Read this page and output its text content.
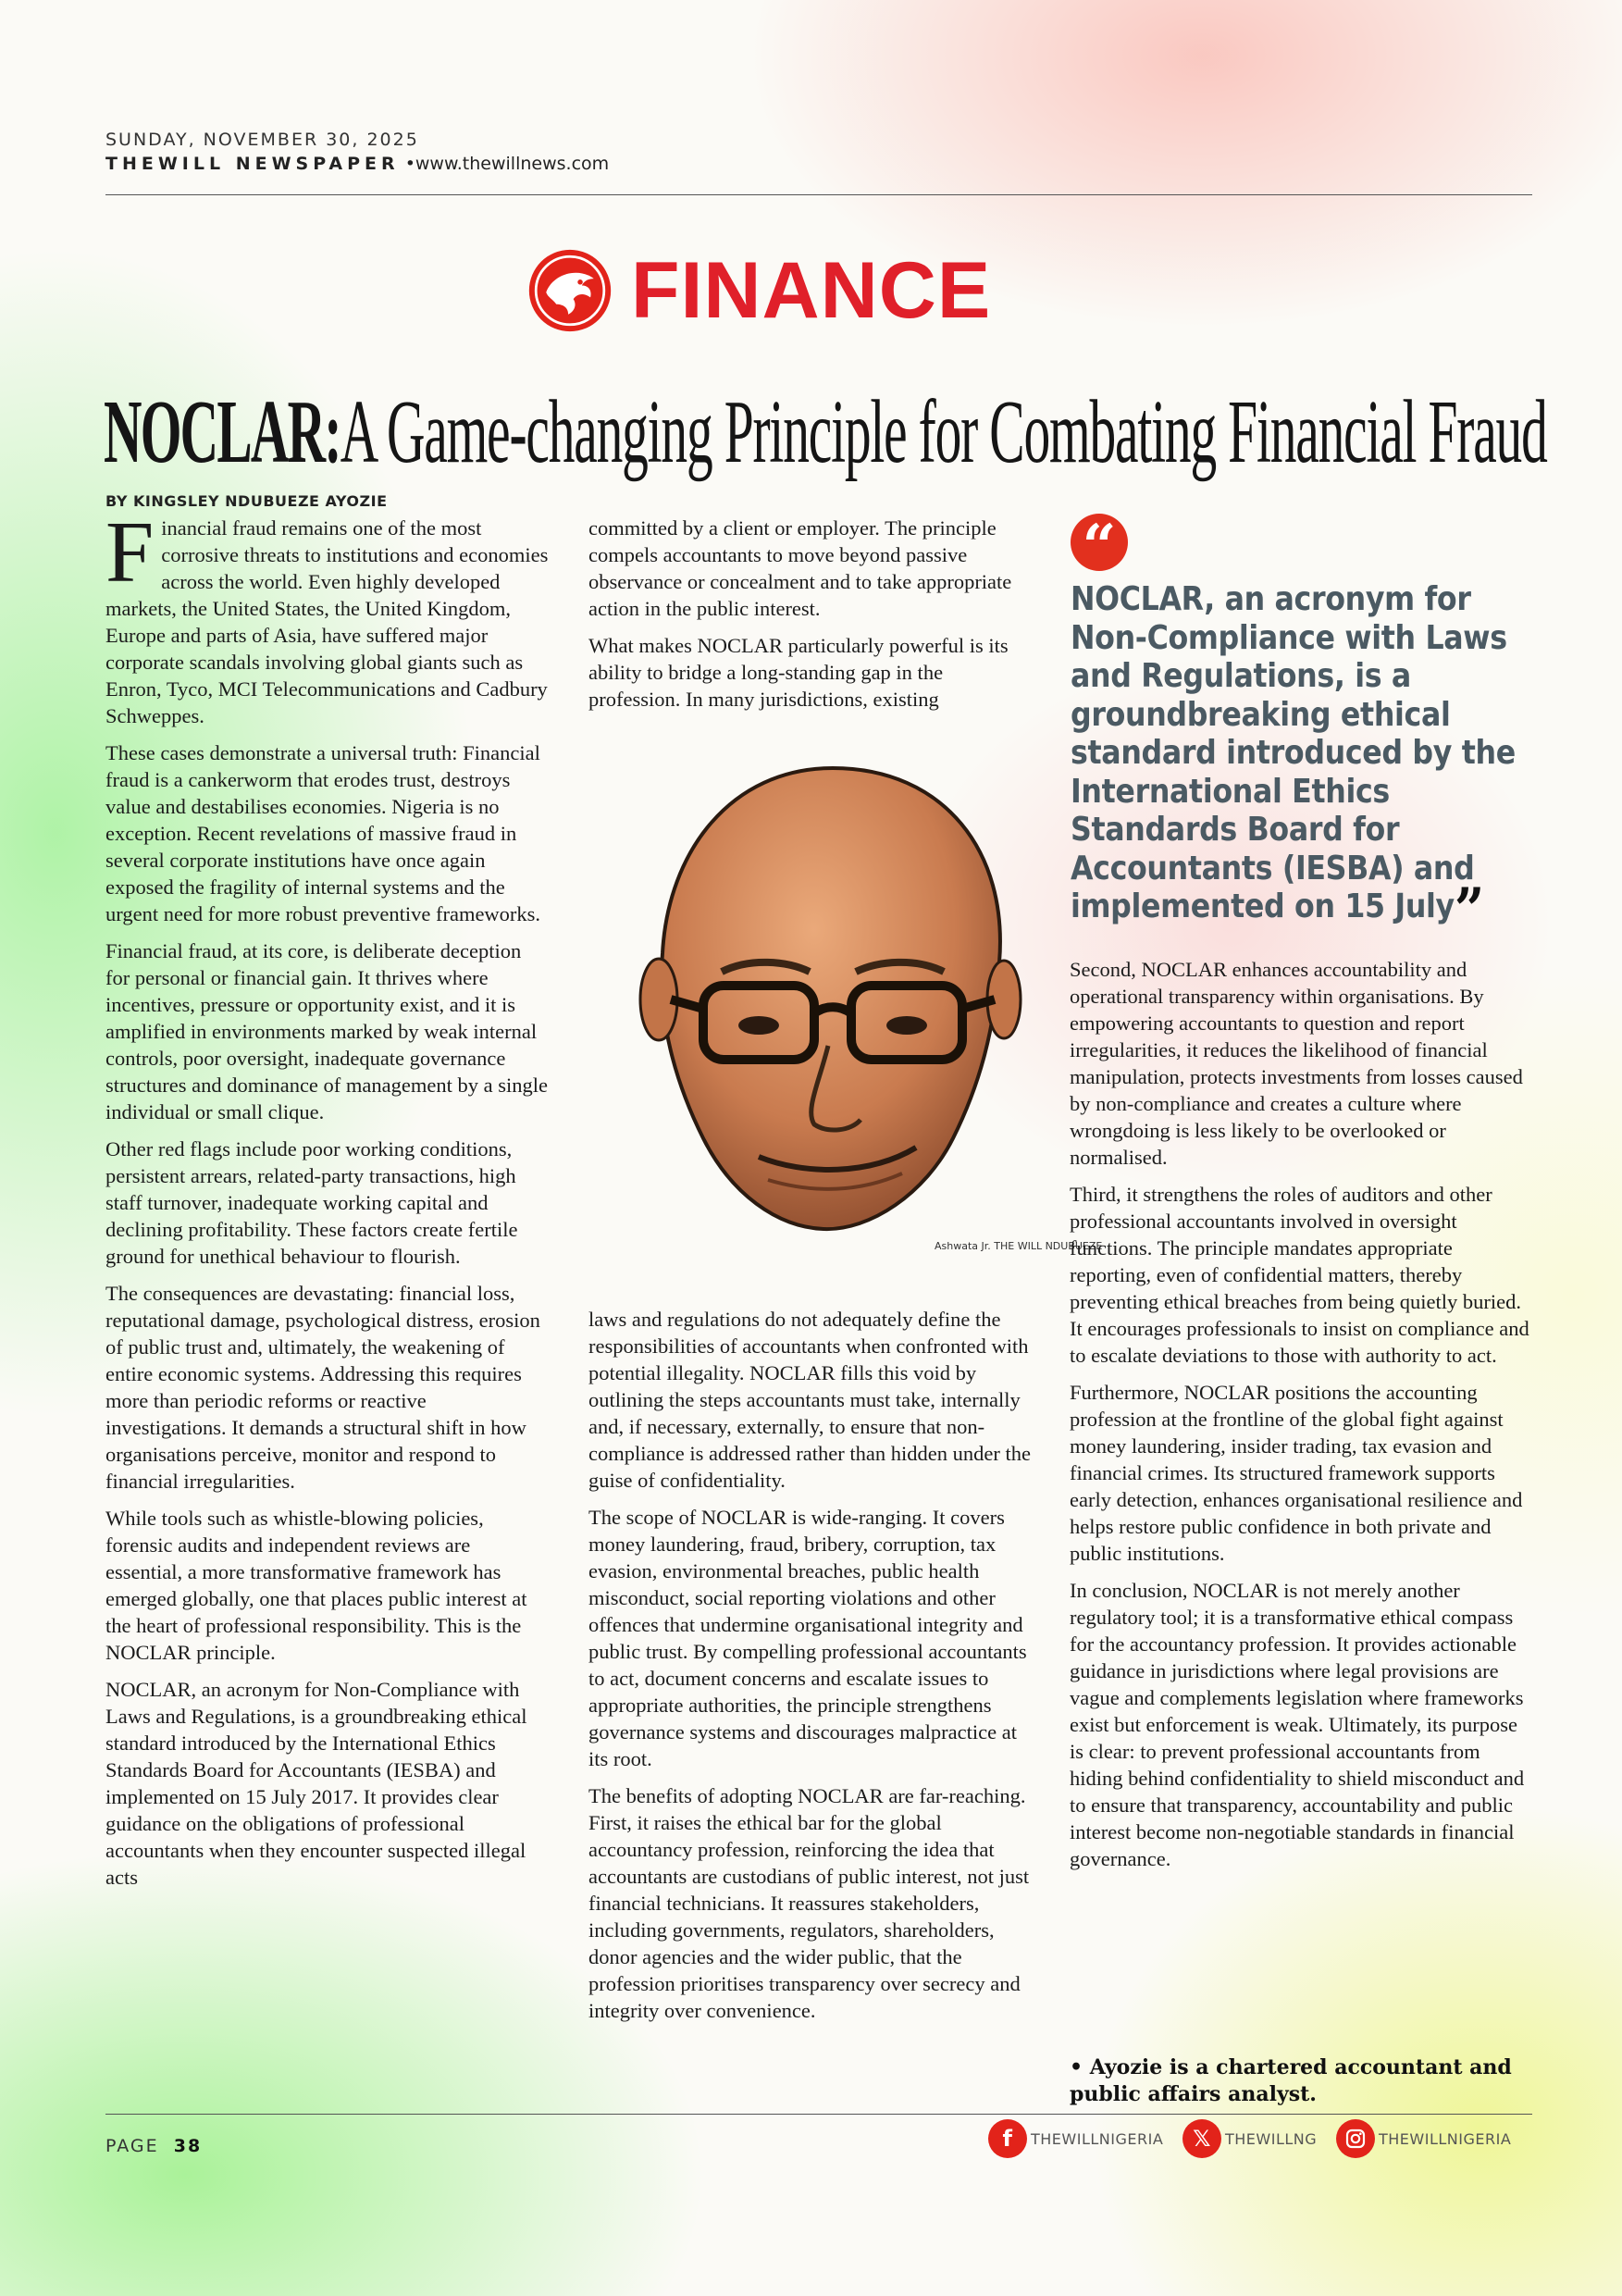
SUNDAY, NOVEMBER 30, 2025
THEWILL NEWSPAPER •www.thewillnews.com
FINANCE
NOCLAR:A Game-changing Principle for Combating Financial Fraud
BY KINGSLEY NDUBUEZE AYOZIE

Financial fraud remains one of the most corrosive threats to institutions and economies across the world. Even highly developed markets, the United States, the United Kingdom, Europe and parts of Asia, have suffered major corporate scandals involving global giants such as Enron, Tyco, MCI Telecommunications and Cadbury Schweppes.

These cases demonstrate a universal truth: Financial fraud is a cankerworm that erodes trust, destroys value and destabilises economies. Nigeria is no exception. Recent revelations of massive fraud in several corporate institutions have once again exposed the fragility of internal systems and the urgent need for more robust preventive frameworks.

Financial fraud, at its core, is deliberate deception for personal or financial gain. It thrives where incentives, pressure or opportunity exist, and it is amplified in environments marked by weak internal controls, poor oversight, inadequate governance structures and dominance of management by a single individual or small clique.

Other red flags include poor working conditions, persistent arrears, related-party transactions, high staff turnover, inadequate working capital and declining profitability. These factors create fertile ground for unethical behaviour to flourish.

The consequences are devastating: financial loss, reputational damage, psychological distress, erosion of public trust and, ultimately, the weakening of entire economic systems. Addressing this requires more than periodic reforms or reactive investigations. It demands a structural shift in how organisations perceive, monitor and respond to financial irregularities.

While tools such as whistle-blowing policies, forensic audits and independent reviews are essential, a more transformative framework has emerged globally, one that places public interest at the heart of professional responsibility. This is the NOCLAR principle.

NOCLAR, an acronym for Non-Compliance with Laws and Regulations, is a groundbreaking ethical standard introduced by the International Ethics Standards Board for Accountants (IESBA) and implemented on 15 July 2017. It provides clear guidance on the obligations of professional accountants when they encounter suspected illegal acts

committed by a client or employer. The principle compels accountants to move beyond passive observance or concealment and to take appropriate action in the public interest.

What makes NOCLAR particularly powerful is its ability to bridge a long-standing gap in the profession. In many jurisdictions, existing

Ashwata Jr. THE WILL NDUBUEZE

laws and regulations do not adequately define the responsibilities of accountants when confronted with potential illegality. NOCLAR fills this void by outlining the steps accountants must take, internally and, if necessary, externally, to ensure that non-compliance is addressed rather than hidden under the guise of confidentiality.

The scope of NOCLAR is wide-ranging. It covers money laundering, fraud, bribery, corruption, tax evasion, environmental breaches, public health misconduct, social reporting violations and other offences that undermine organisational integrity and public trust. By compelling professional accountants to act, document concerns and escalate issues to appropriate authorities, the principle strengthens governance systems and discourages malpractice at its root.

The benefits of adopting NOCLAR are far-reaching. First, it raises the ethical bar for the global accountancy profession, reinforcing the idea that accountants are custodians of public interest, not just financial technicians. It reassures stakeholders, including governments, regulators, shareholders, donor agencies and the wider public, that the profession prioritises transparency over secrecy and integrity over convenience.

“
NOCLAR, an acronym for Non-Compliance with Laws and Regulations, is a groundbreaking ethical standard introduced by the International Ethics Standards Board for Accountants (IESBA) and implemented on 15 July”

Second, NOCLAR enhances accountability and operational transparency within organisations. By empowering accountants to question and report irregularities, it reduces the likelihood of financial manipulation, protects investments from losses caused by non-compliance and creates a culture where wrongdoing is less likely to be overlooked or normalised.

Third, it strengthens the roles of auditors and other professional accountants involved in oversight functions. The principle mandates appropriate reporting, even of confidential matters, thereby preventing ethical breaches from being quietly buried. It encourages professionals to insist on compliance and to escalate deviations to those with authority to act.

Furthermore, NOCLAR positions the accounting profession at the frontline of the global fight against money laundering, insider trading, tax evasion and financial crimes. Its structured framework supports early detection, enhances organisational resilience and helps restore public confidence in both private and public institutions.

In conclusion, NOCLAR is not merely another regulatory tool; it is a transformative ethical compass for the accountancy profession. It provides actionable guidance in jurisdictions where legal provisions are vague and complements legislation where frameworks exist but enforcement is weak. Ultimately, its purpose is clear: to prevent professional accountants from hiding behind confidentiality to shield misconduct and to ensure that transparency, accountability and public interest become non-negotiable standards in financial governance.

• Ayozie is a chartered accountant and public affairs analyst.
PAGE 38	f	THEWILLNIGERIA	𝕏 THEWILLNG	THEWILLNIGERIA
